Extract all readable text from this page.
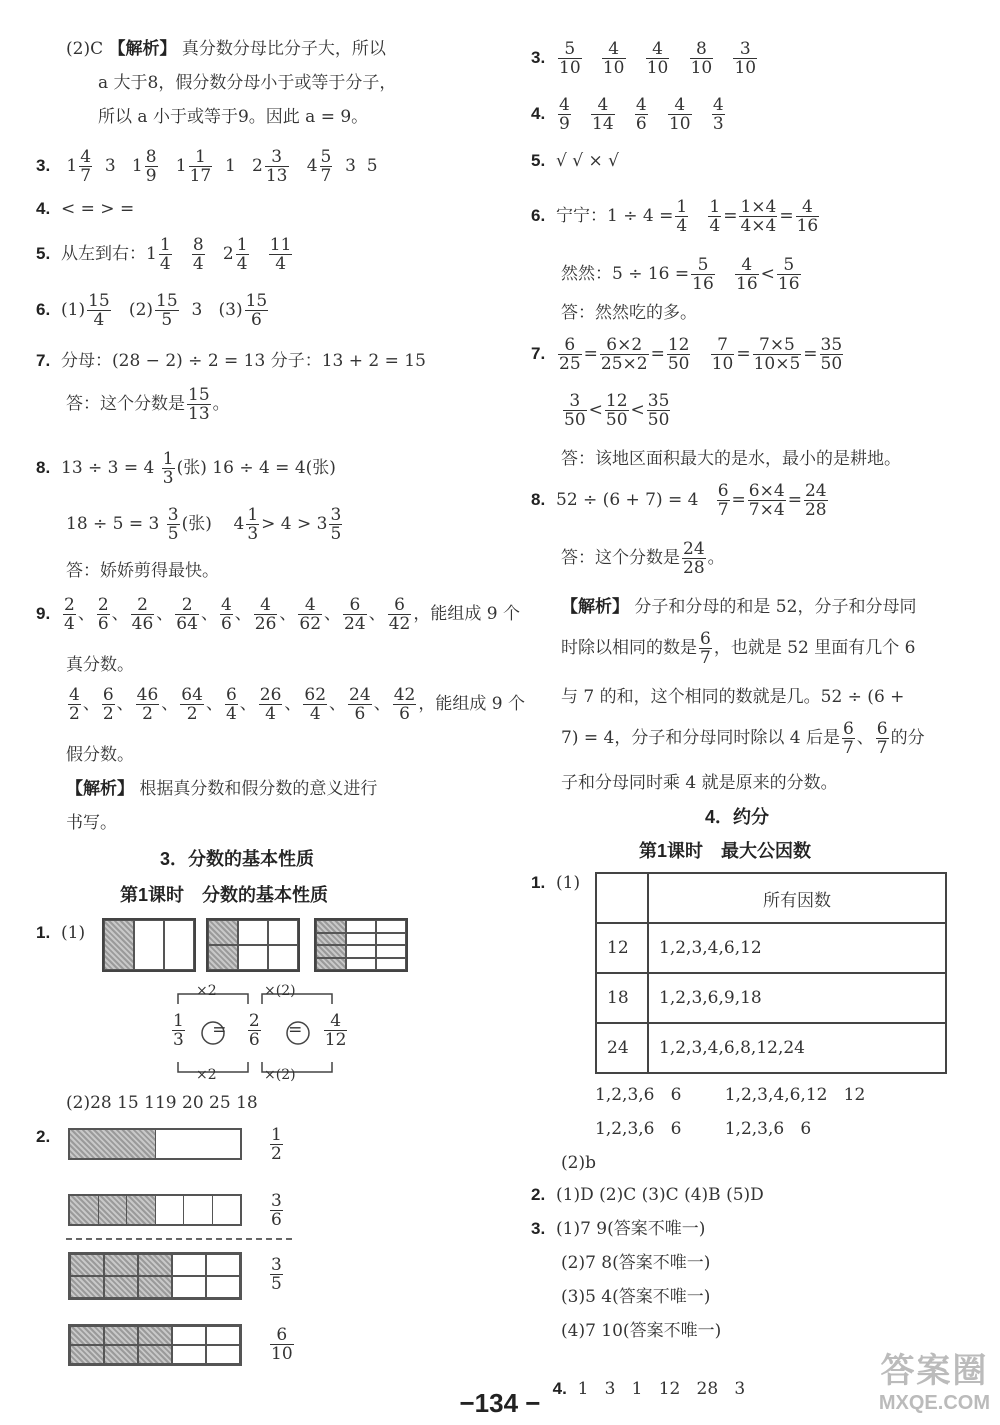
(2)C 【解析】 真分数分母比分子大，所以
a 大于8，假分数分母小于或等于分子，
所以 a 小于或等于9。因此 a = 9。
3.   $1 \frac{4}{7} 3$   $1 \frac{8}{9} 1 \frac{1}{17} 1$   $2 \frac{3}{13} 4 \frac{5}{7} 3$  5
4. < = > =
5. 从左到右：$1 \frac{1}{4}$
$\frac{8}{4} 2 \frac{1}{4}$
$\frac{11}{4}$
6.  $(1) \frac{15}{4} (2) \frac{15}{5} 3$   $(3) \frac{15}{6}$
7. 分母：(28 − 2) ÷ 2 = 13 分子：13 + 2 = 15
答：这个分数是 $\frac{15}{13}$ 。
8. $13 \div 3 = 4 \frac{1}{3}$ (张) 16 ÷ 4 = 4(张)
$18 \div 5 = 3 \frac{3}{5}$ (张)    $4 \frac{1}{3} > 4 > 3 \frac{3}{5}$
答：娇娇剪得最快。
9. $\frac{2}{4}$ 、 $\frac{2}{6}$ 、 $\frac{2}{46}$ 、 $\frac{2}{64}$ 、 $\frac{4}{6}$ 、 $\frac{4}{26}$ 、 $\frac{4}{62}$ 、 $\frac{6}{24}$ 、 $\frac{6}{42}$ ，能组成 9 个
真分数。
$\frac{4}{2}$ 、 $\frac{6}{2}$ 、 $\frac{46}{2}$ 、 $\frac{64}{2}$ 、 $\frac{6}{4}$ 、 $\frac{26}{4}$ 、 $\frac{62}{4}$ 、 $\frac{24}{6}$ 、 $\frac{42}{6}$ ，能组成 9 个
假分数。
【解析】 根据真分数和假分数的意义进行
书写。
3．分数的基本性质
第1课时　分数的基本性质
1. (1)
×2	×(2)
×2	×(2)
$\frac{1}{3} = \frac{2}{6} = \frac{4}{12}$
(2)28 15 119 20 25 18
2.	$\frac{1}{2}$
$\frac{3}{6}$
$\frac{3}{5}$
$\frac{6}{10}$
3. $\frac{5}{10}$
$\frac{4}{10}$
$\frac{4}{10}$
$\frac{8}{10}$
$\frac{3}{10}$
4. $\frac{4}{9}$
$\frac{4}{14}$
$\frac{4}{6}$
$\frac{4}{10}$
$\frac{4}{3}$
5. √ √ × √
6. 宁宁：$1 \div 4 = \frac{1}{4}$
$\frac{1}{4} = \frac{1\times 4}{4\times 4} = \frac{4}{16}$
然然：$5 \div 16 = \frac{5}{16}$
$\frac{4}{16} < \frac{5}{16}$
答：然然吃的多。
7. $\frac{6}{25} = \frac{6\times 2}{25\times 2} = \frac{12}{50}$
$\frac{7}{10} = \frac{7\times 5}{10\times 5} = \frac{35}{50}$
$\frac{3}{50} < \frac{12}{50} < \frac{35}{50}$
答：该地区面积最大的是水，最小的是耕地。
8. $52 \div (6 + 7) = 4 \frac{6}{7} = \frac{6\times 4}{7\times 4} = \frac{24}{28}$
答：这个分数是 $\frac{24}{28}$ 。
【解析】 分子和分母的和是 52，分子和分母同
时除以相同的数是 $\frac{6}{7}$ ，也就是 52 里面有几个 6
与 7 的和，这个相同的数就是几。52 ÷ (6 +
7) = 4，分子和分母同时除以 4 后是 $\frac{6}{7}$ 、 $\frac{6}{7}$ 的分
子和分母同时乘 4 就是原来的分数。
4．约分
第1课时　最大公因数
1. (1)
	所有因数
12	1,2,3,4,6,12
18	1,2,3,6,9,18
24	1,2,3,4,6,8,12,24
1,2,3,6   6        1,2,3,4,6,12   12
1,2,3,6   6        1,2,3,6   6
(2)b
2. (1)D (2)C (3)C (4)B (5)D
3. (1)7 9(答案不唯一)
(2)7 8(答案不唯一)
(3)5 4(答案不唯一)
(4)7 10(答案不唯一)

4. 1   3   1   12   28   3

−134 −
答案圈
MXQE.COM
